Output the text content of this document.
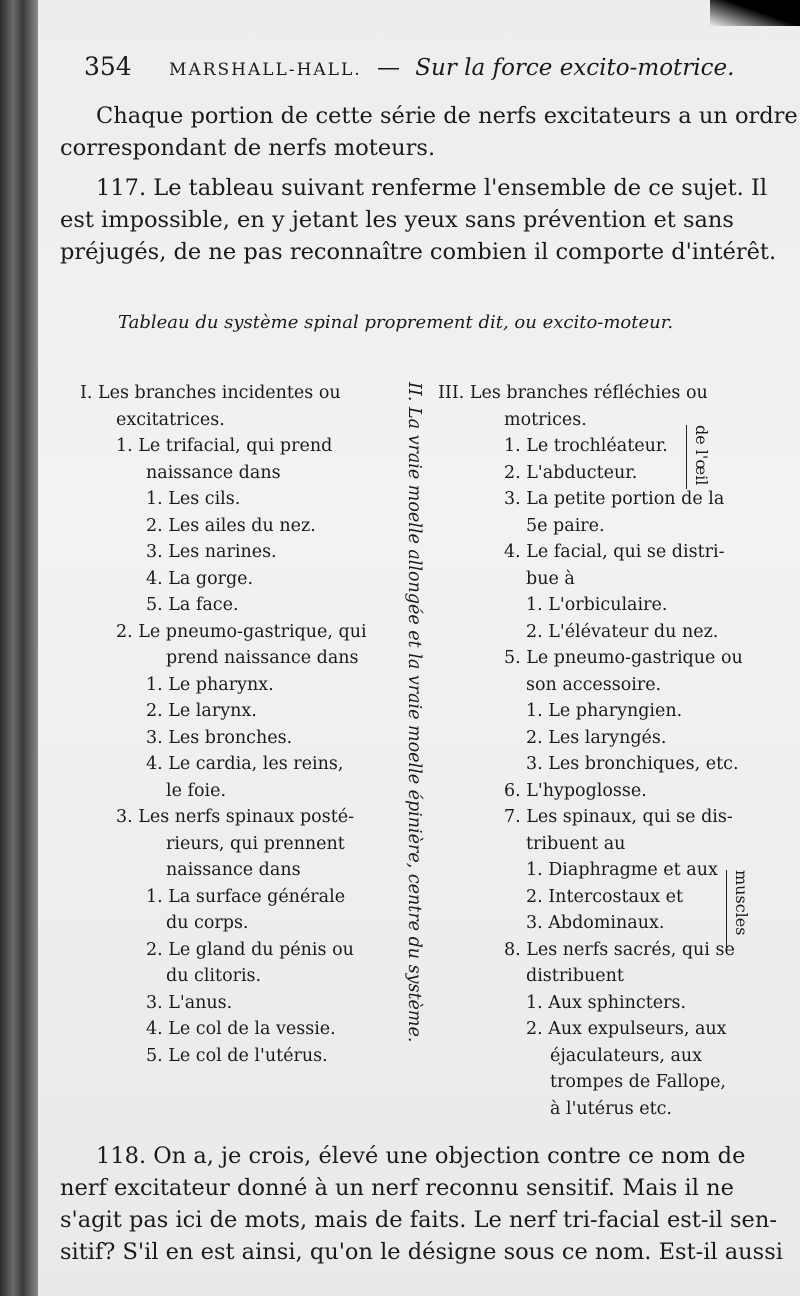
354 MARSHALL-HALL. — Sur la force excito-motrice.
Chaque portion de cette série de nerfs excitateurs a un ordre
correspondant de nerfs moteurs.
117. Le tableau suivant renferme l'ensemble de ce sujet. Il
est impossible, en y jetant les yeux sans prévention et sans
préjugés, de ne pas reconnaître combien il comporte d'intérêt.
Tableau du système spinal proprement dit, ou excito-moteur.
I. Les branches incidentes ou
excitatrices.
1. Le trifacial, qui prend
naissance dans
1. Les cils.
2. Les ailes du nez.
3. Les narines.
4. La gorge.
5. La face.
2. Le pneumo-gastrique, qui
prend naissance dans
1. Le pharynx.
2. Le larynx.
3. Les bronches.
4. Le cardia, les reins,
le foie.
3. Les nerfs spinaux posté-
rieurs, qui prennent
naissance dans
1. La surface générale
du corps.
2. Le gland du pénis ou
du clitoris.
3. L'anus.
4. Le col de la vessie.
5. Le col de l'utérus.
II. La vraie moelle allongée et la vraie moelle épinière, centre du système. III. Les branches réfléchies ou
motrices.
1. Le trochléateur.
2. L'abducteur.
3. La petite portion de la
5e paire.
4. Le facial, qui se distri-
bue à
1. L'orbiculaire.
2. L'élévateur du nez.
5. Le pneumo-gastrique ou
son accessoire.
1. Le pharyngien.
2. Les laryngés.
3. Les bronchiques, etc.
6. L'hypoglosse.
7. Les spinaux, qui se dis-
tribuent au
1. Diaphragme et aux
2. Intercostaux et
3. Abdominaux.
8. Les nerfs sacrés, qui se
distribuent
1. Aux sphincters.
2. Aux expulseurs, aux
éjaculateurs, aux
trompes de Fallope,
à l'utérus etc.
de l'œil
muscles
118. On a, je crois, élevé une objection contre ce nom de
nerf excitateur donné à un nerf reconnu sensitif. Mais il ne
s'agit pas ici de mots, mais de faits. Le nerf tri-facial est-il sen-
sitif? S'il en est ainsi, qu'on le désigne sous ce nom. Est-il aussi
